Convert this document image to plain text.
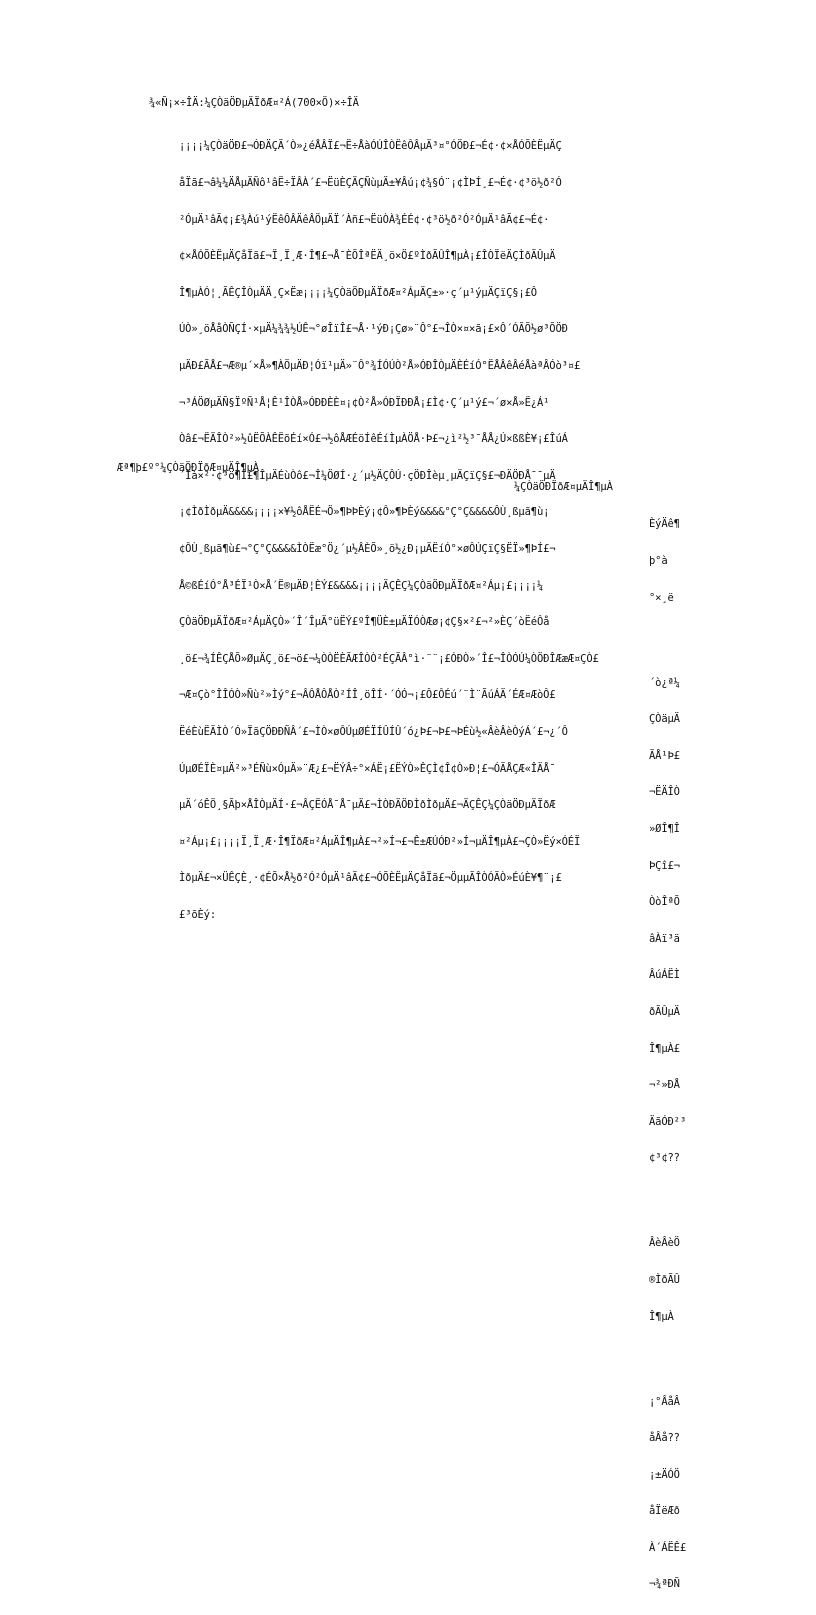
¾«Ñ¡×÷ÎÄ:¼ÇÒäÖÐµÄÏðÆ¤²Á(700×Ö)×÷ÎÄ

¡¡¡¡¼ÇÒäÖÐ£¬ÓÐÄÇÃ´Ò»¿éÅÂÏ£¬Ë÷ÅàÓÚÎÒËêÔÂµÄ³¤°ÓÖÐ£¬É¢·¢×ÅÓÕÈËµÄÇ

åÏã£¬â¼¼ÄÅµÄÑô¹âË÷ÏÂÀ´£¬ËüÈÇÄÇÑùµÄ±¥Âú¡¢¾§Ó¨¡¢ÌÞÍ¸£¬É¢·¢³ö½ð²Ó

²ÓµÄ¹âÃ¢¡£¾Àú¹ýËêÔÂÄêÂÖµÄÏ´Àñ£¬ËüÒÀ¾ÉÉ¢·¢³ö½ð²Ó²ÓµÄ¹âÃ¢£¬É¢·

¢×ÅÓÕÈËµÄÇåÏã£¬Ï¸Ï¸Æ·Î¶£¬Å¯ÈÕÎªËÄ¸ö×Ö£ºÌðÃÛÎ¶µÀ¡£ÎÒÏëÄÇÌðÃÛµÄ

Î¶µÀÓ¦¸ÃÊÇÎÒµÄÄ¸Ç×Ëæ¡¡¡¡¼ÇÒäÖÐµÄÏðÆ¤²ÁµÄÇ±»·ç´µ¹ýµÄÇïÇ§¡£Ô

ÚÒ»¸öÅåÒÑÇÍ·×µÄ¼¾¾½ÚÊ¬°øÎïÎ£¬Å·¹ýÐ¡Çø»¨Ô°£¬ÎÒ×¤×ã¡£×Ô´ÓÃÕ½ø³ÕÖÐ

µÄÐ£ÃÅ£¬Æ®µ´×Å»¶ÀÖµÄÐ¦Óï¹µÄ»¨Ô°¾ÍÓÚÒ²Å»ÓÐÎÒµÄÈÉíÓ°ËÅÂêÂéÅàªÂÓò³¤£

¬³ÁÖØµÄÑ§ÏºÑ¹Å¦Ê¹ÎÒÅ»ÓÐÐÈÈ¤¡¢Ò²Å»ÓÐÏÐÐÅ¡£Ì¢·Ç´µ¹ý£¬´ø×Å»Ë¿Á¹

Òâ£¬ËÄÎÒ²»½ûËÕÀÊËõÉí×Ó£¬½ôÅÆÉöÍêÉíÌµÀÖÅ·Þ£¬¿ì²½³¯ÅÅ¿Ú×ßßÈ¥¡£ÎúÁ

´Ïà×²·¢³ö¶Î£¶ÎµÄÉùÒô£¬Î¼ÖØÍ·¿´µ½ÄÇÔÚ·çÖÐÎèµ¸µÄÇïÇ§£¬ÐÄÖÐÅ¯¯µÄ

¡¢ÌðÌðµÄ&&&&¡¡¡¡×¥½ôÅËÉ¬Ö»¶ÞÞÈý¡¢Ô»¶ÞÈý&&&&°Ç°Ç&&&&ÔÙ¸ßµã¶ù¡

¢ÔÙ¸ßµã¶ù£¬°Ç°Ç&&&&ÌÒËæ°Ö¿´µ½ÂÈÕ»¸ö½¿Ð¡µÄËíÓ°×øÔÚÇïÇ§ËÏ»¶ÞÍ£¬

Å©ßÉíÓ°Å³ÉÏ¹Ò×Å´Ë®µÄÐ¦ÈÝ£&&&&¡¡¡¡ÄÇÊÇ¼ÇÒäÖÐµÄÏðÆ¤²Áµ¡£¡¡¡¡¼

ÇÒäÖÐµÄÏðÆ¤²ÁµÄÇÒ»´Î´ÎµÄ°üËÝ£ºÎ¶ÜÈ±µÄÏÓÒÆø¡¢Ç§×²£¬²»ÈÇ´òËéÔå

¸ö£¬¾ÍÊÇÅÕ»ØµÄÇ¸ö£¬ö£¬¼ÒÒËÈÃÆÎÒÒ²ÉÇÃÂ°ì·¨¨¡£ÓÐÒ»´Î£¬ÎÒÓÚ¼ÒÖÐÎÆæÆ¤ÇÒ£

¬Æ¤Çò°ÎÎÓÒ»Ñù²»Ìý°£¬ÂÔÅÔÅÒ²ÍÎ¸öÎÍ·´ÓÓ¬¡£Ô£ÔÉú´¨Ì¨ÃúÁÄ´ÉÆ¤ÆòÔ£

ËéÈùËÃÌÒ´Ó»ÏãÇÖÐÐÑÂ´£¬ÌÒ×øÔÚµØÉÏÍÛÍÛ´ó¿Þ£¬Þ£¬ÞÉù½«ÂèÂèÒýÁ´£¬¿´Ô

ÚµØÉÏÈ¤µÄ²»³ÉÑù×ÓµÄ»¨Æ¿£¬ËÝÂ÷°×ÁË¡£ËÝÒ»ÊÇÌ¢Î¢Ò»Ð¦£¬ÓÃÅÇÆ«ÎÄÅ¯

µÄ´óÊÖ¸§Ãþ×ÅÎÒµÄÍ·£¬ÂÇËÓÅ¯Å¯µÄ£¬ÌÒÐÄÖÐÌðÌðµÄ£¬ÄÇÊÇ¼ÇÒäÖÐµÄÏðÆ

¤²Áµ¡£¡¡¡¡Ï¸Ï¸Æ·Î¶ÏðÆ¤²ÁµÄÎ¶µÀ£¬²»Í¬£¬Ê±ÆÚÓÐ²»Í¬µÄÎ¶µÀ£¬ÇÒ»Ëý×ÓÉÏ

ÌðµÄ£¬×ÜÊÇÈ¸·¢ÉÕ×Å½ð²Ó²ÓµÄ¹âÃ¢£¬ÓÕÈËµÄÇåÏã£¬ÖµµÃÎÒÓÃÒ»ÉúÈ¥¶¨¡£

£³õÈý:

Æª¶þ£º°¼ÇÒäÖÐÏðÆ¤µÄÎ¶µÀ
¼ÇÒäÖÐÏðÆ¤µÄÎ¶µÀ

ÈýÄê¶

þ°à

°×¸ë

´ò¿ª¼

ÇÒäµÄ

ÃÅ¹Þ£

¬ËÄÎÒ

»ØÎ¶Î

ÞÇî£¬

ÒòÎªÕ

âÀï³ä

ÂúÁËÌ

ðÃÛµÄ

Î¶µÀ£

¬²»ÐÅ

ÄãÓÐ²³

¢³¢??

ÂèÂèÖ

®ÌðÃÛ

Î¶µÀ

¡°ÂåÂ

åÂå??

¡±ÄÓÖ

åÏëÆð

À´ÁËÊ£

¬¾ªÐÑ
